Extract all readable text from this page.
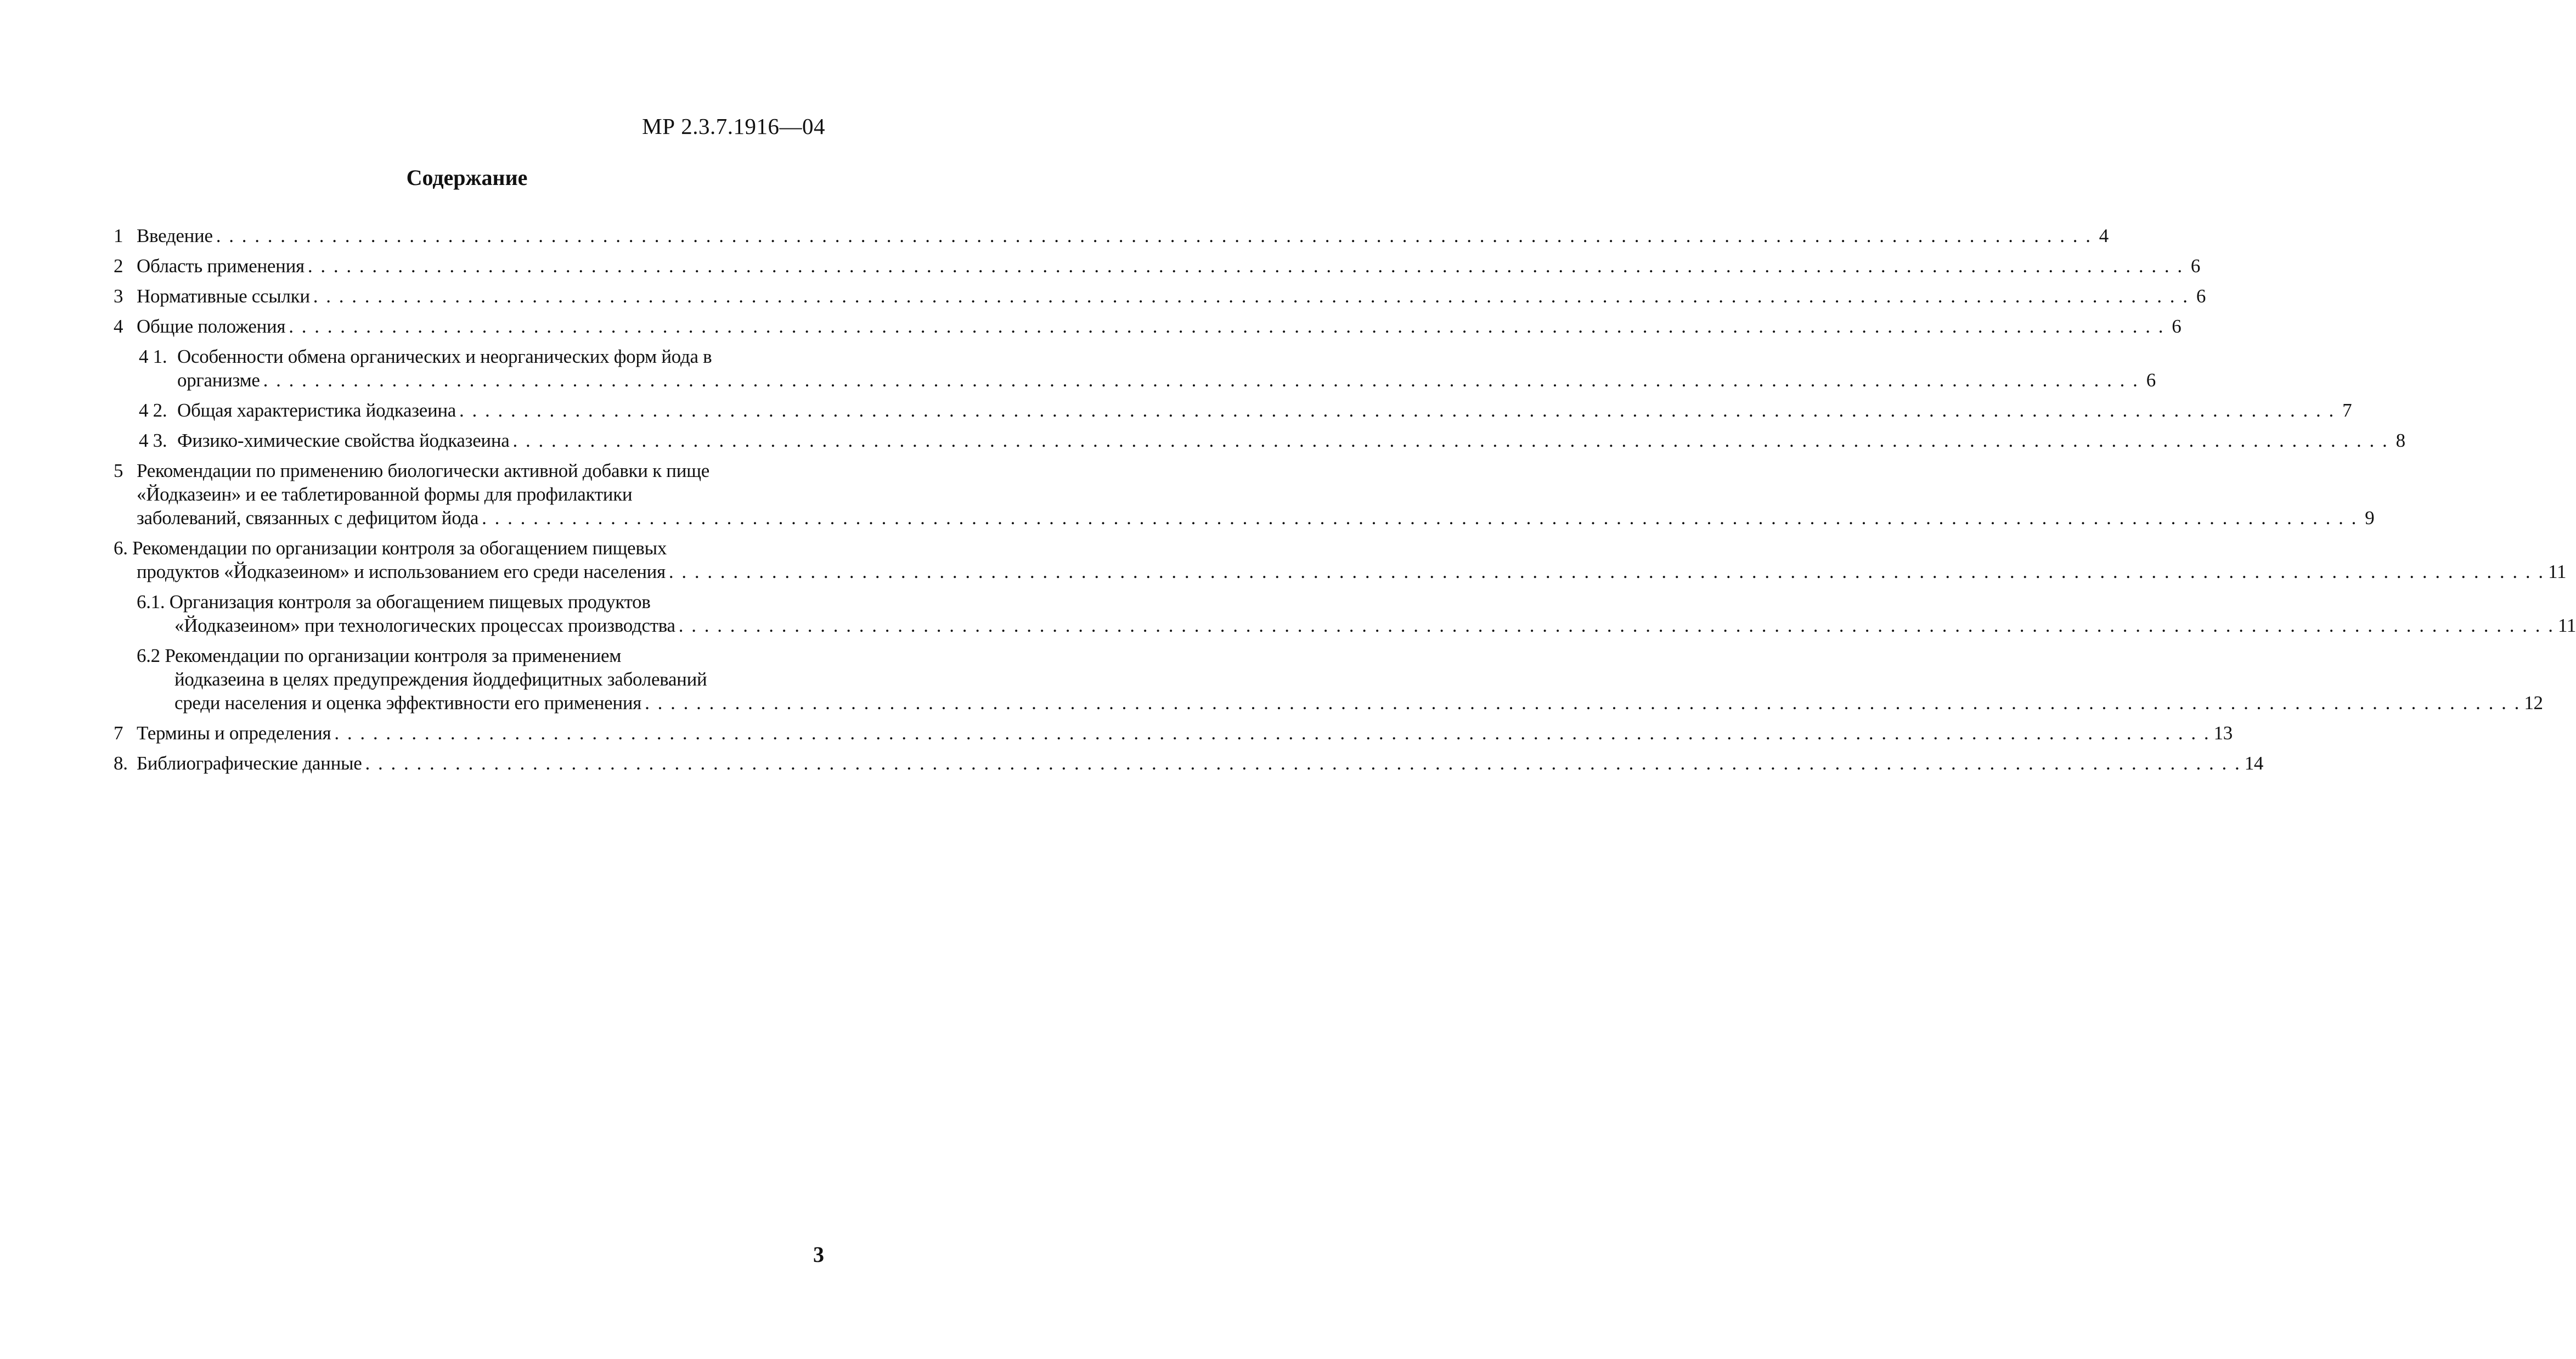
МР 2.3.7.1916—04
Содержание
1 Введение . . .	4
2 Область применения . . .	6
3 Нормативные ссылки . . .	6
4 Общие положения . . .	6
4 1. Особенности обмена органических и неорганических форм йода в
организме . . .	6
4 2. Общая характеристика йодказеина . . .	7
4 3. Физико-химические свойства йодказеина . . .	8
5 Рекомендации по применению биологически активной добавки к пище
«Йодказеин» и ее таблетированной формы для профилактики
заболеваний, связанных с дефицитом йода . . .	9
6. Рекомендации по организации контроля за обогащением пищевых
продуктов «Йодказеином» и использованием его среди населения . . .	11
6.1. Организация контроля за обогащением пищевых продуктов
«Йодказеином» при технологических процессах производства . . .	11
6.2 Рекомендации по организации контроля за применением
йодказеина в целях предупреждения йоддефицитных заболеваний
среди населения и оценка эффективности его применения . . .	12
7 Термины и определения . . .	13
8. Библиографические данные . . .	14
3
